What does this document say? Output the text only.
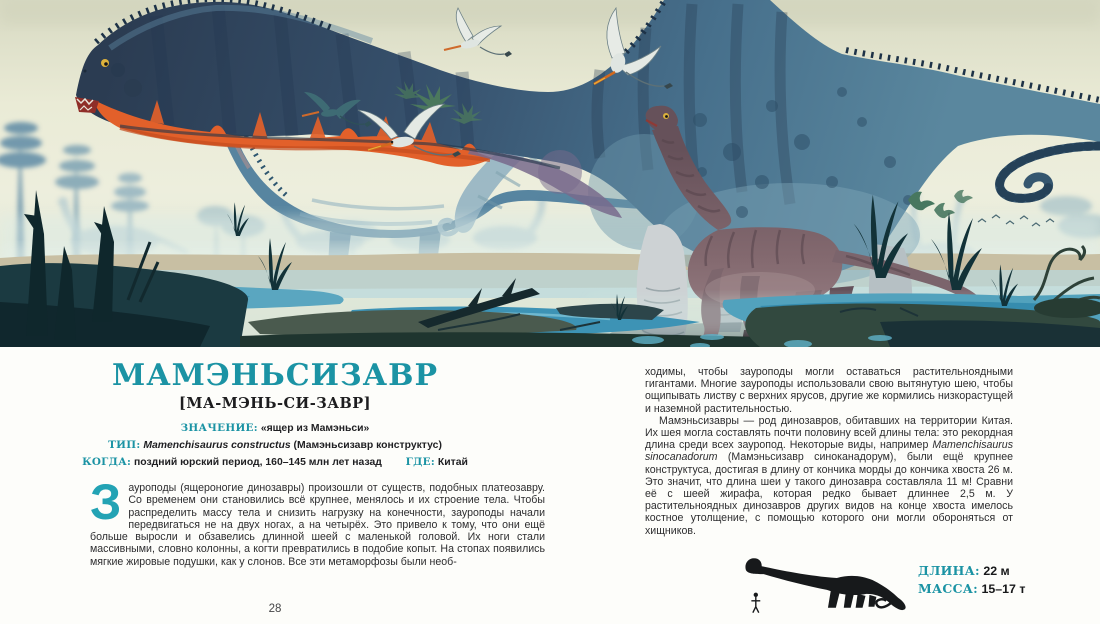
МАМЭНЬСИЗАВР
[МА-МЭНЬ-СИ-ЗАВР]
ЗНАЧЕНИЕ: «ящер из Мамэньси»
ТИП: Mamenchisaurus constructus (Мамэньсизавр конструктус)
КОГДА: поздний юрский период, 160–145 млн лет назад ГДЕ: Китай
Зауроподы (ящероногие динозавры) произошли от существ, подобных платеозавру. Со временем они становились всё крупнее, менялось и их строение тела. Чтобы распределить массу тела и снизить нагрузку на конечности, зауроподы начали передвигаться не на двух ногах, а на четырёх. Это привело к тому, что они ещё больше выросли и обзавелись длинной шеей с маленькой головой. Их ноги стали массивными, словно колонны, а когти превратились в подобие копыт. На стопах появились мягкие жировые подушки, как у слонов. Все эти метаморфозы были необ-
28

ходимы, чтобы зауроподы могли оставаться растительноядными гигантами. Многие зауроподы использовали свою вытянутую шею, чтобы ощипывать листву с верхних ярусов, другие же кормились низкорастущей и наземной растительностью.

Мамэньсизавры — род динозавров, обитавших на территории Китая. Их шея могла составлять почти половину всей длины тела: это рекордная длина среди всех зауропод. Некоторые виды, например Mamenchisaurus sinocanadorum (Мамэньсизавр синоканадорум), были ещё крупнее конструктуса, достигая в длину от кончика морды до кончика хвоста 26 м. Это значит, что длина шеи у такого динозавра составляла 11 м! Сравни её с шеей жирафа, которая редко бывает длиннее 2,5 м. У растительноядных динозавров других видов на конце хвоста имелось костное утолщение, с помощью которого они могли обороняться от хищников.

ДЛИНА: 22 м
МАССА: 15–17 т
